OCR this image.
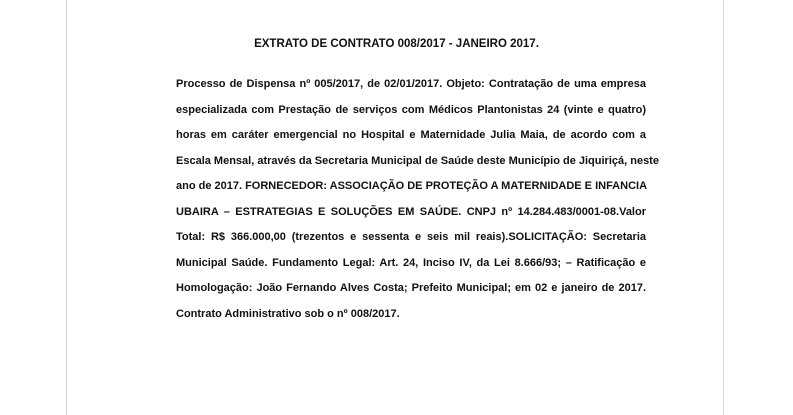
EXTRATO DE CONTRATO 008/2017 - JANEIRO 2017.

Processo de Dispensa nº 005/2017, de 02/01/2017. Objeto: Contratação de uma empresa
especializada com Prestação de serviços com Médicos Plantonistas 24 (vinte e quatro)
horas em caráter emergencial no Hospital e Maternidade Julia Maia, de acordo com a
Escala Mensal, através da Secretaria Municipal de Saúde deste Município de Jiquiriçá, neste
ano de 2017. FORNECEDOR: ASSOCIAÇÃO DE PROTEÇÃO A MATERNIDADE E INFANCIA
UBAIRA – ESTRATEGIAS E SOLUÇÕES EM SAÚDE. CNPJ nº 14.284.483/0001-08.Valor
Total: R$ 366.000,00 (trezentos e sessenta e seis mil reais).SOLICITAÇÃO: Secretaria
Municipal Saúde. Fundamento Legal: Art. 24, Inciso IV, da Lei 8.666/93; – Ratificação e
Homologação: João Fernando Alves Costa; Prefeito Municipal; em 02 e janeiro de 2017.
Contrato Administrativo sob o nº 008/2017.
